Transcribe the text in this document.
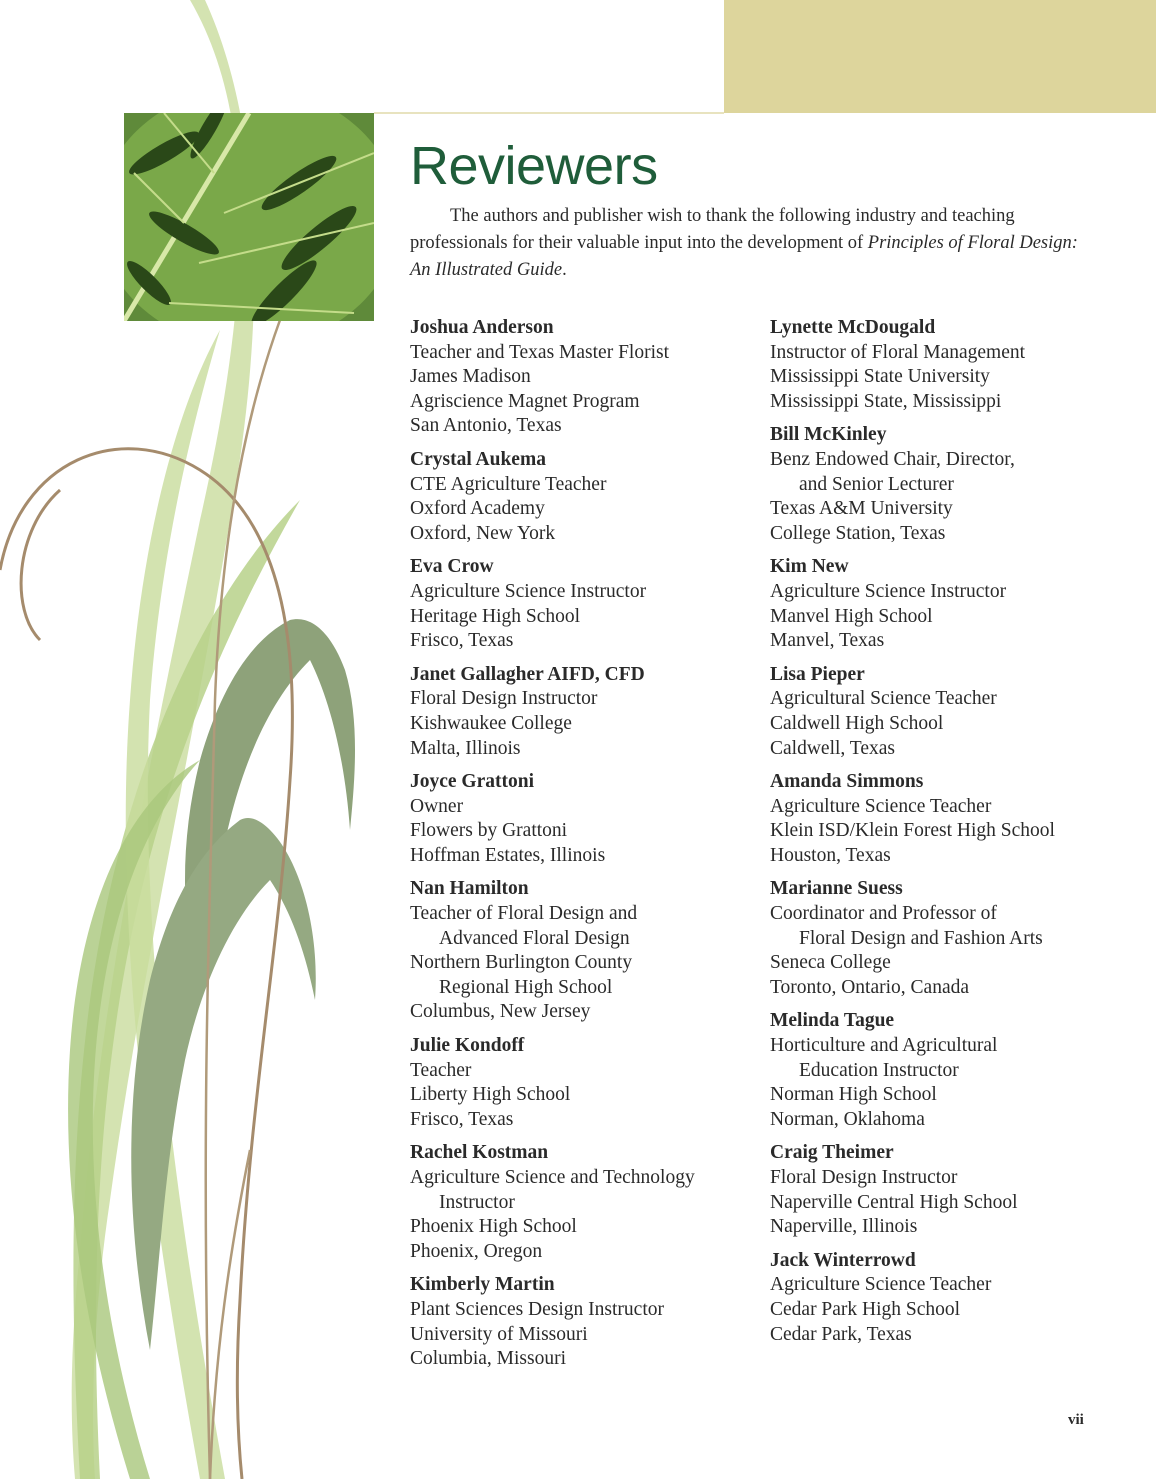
Reviewers

The authors and publisher wish to thank the following industry and teaching professionals for their valuable input into the development of Principles of Floral Design: An Illustrated Guide.

Joshua Anderson
Teacher and Texas Master Florist
James Madison
Agriscience Magnet Program
San Antonio, Texas
Crystal Aukema
CTE Agriculture Teacher
Oxford Academy
Oxford, New York
Eva Crow
Agriculture Science Instructor
Heritage High School
Frisco, Texas
Janet Gallagher AIFD, CFD
Floral Design Instructor
Kishwaukee College
Malta, Illinois
Joyce Grattoni
Owner
Flowers by Grattoni
Hoffman Estates, Illinois
Nan Hamilton
Teacher of Floral Design and
Advanced Floral Design
Northern Burlington County
Regional High School
Columbus, New Jersey
Julie Kondoff
Teacher
Liberty High School
Frisco, Texas
Rachel Kostman
Agriculture Science and Technology
Instructor
Phoenix High School
Phoenix, Oregon
Kimberly Martin
Plant Sciences Design Instructor
University of Missouri
Columbia, Missouri
Lynette McDougald
Instructor of Floral Management
Mississippi State University
Mississippi State, Mississippi
Bill McKinley
Benz Endowed Chair, Director,
and Senior Lecturer
Texas A&M University
College Station, Texas
Kim New
Agriculture Science Instructor
Manvel High School
Manvel, Texas
Lisa Pieper
Agricultural Science Teacher
Caldwell High School
Caldwell, Texas
Amanda Simmons
Agriculture Science Teacher
Klein ISD/Klein Forest High School
Houston, Texas
Marianne Suess
Coordinator and Professor of
Floral Design and Fashion Arts
Seneca College
Toronto, Ontario, Canada
Melinda Tague
Horticulture and Agricultural
Education Instructor
Norman High School
Norman, Oklahoma
Craig Theimer
Floral Design Instructor
Naperville Central High School
Naperville, Illinois
Jack Winterrowd
Agriculture Science Teacher
Cedar Park High School
Cedar Park, Texas
vii
